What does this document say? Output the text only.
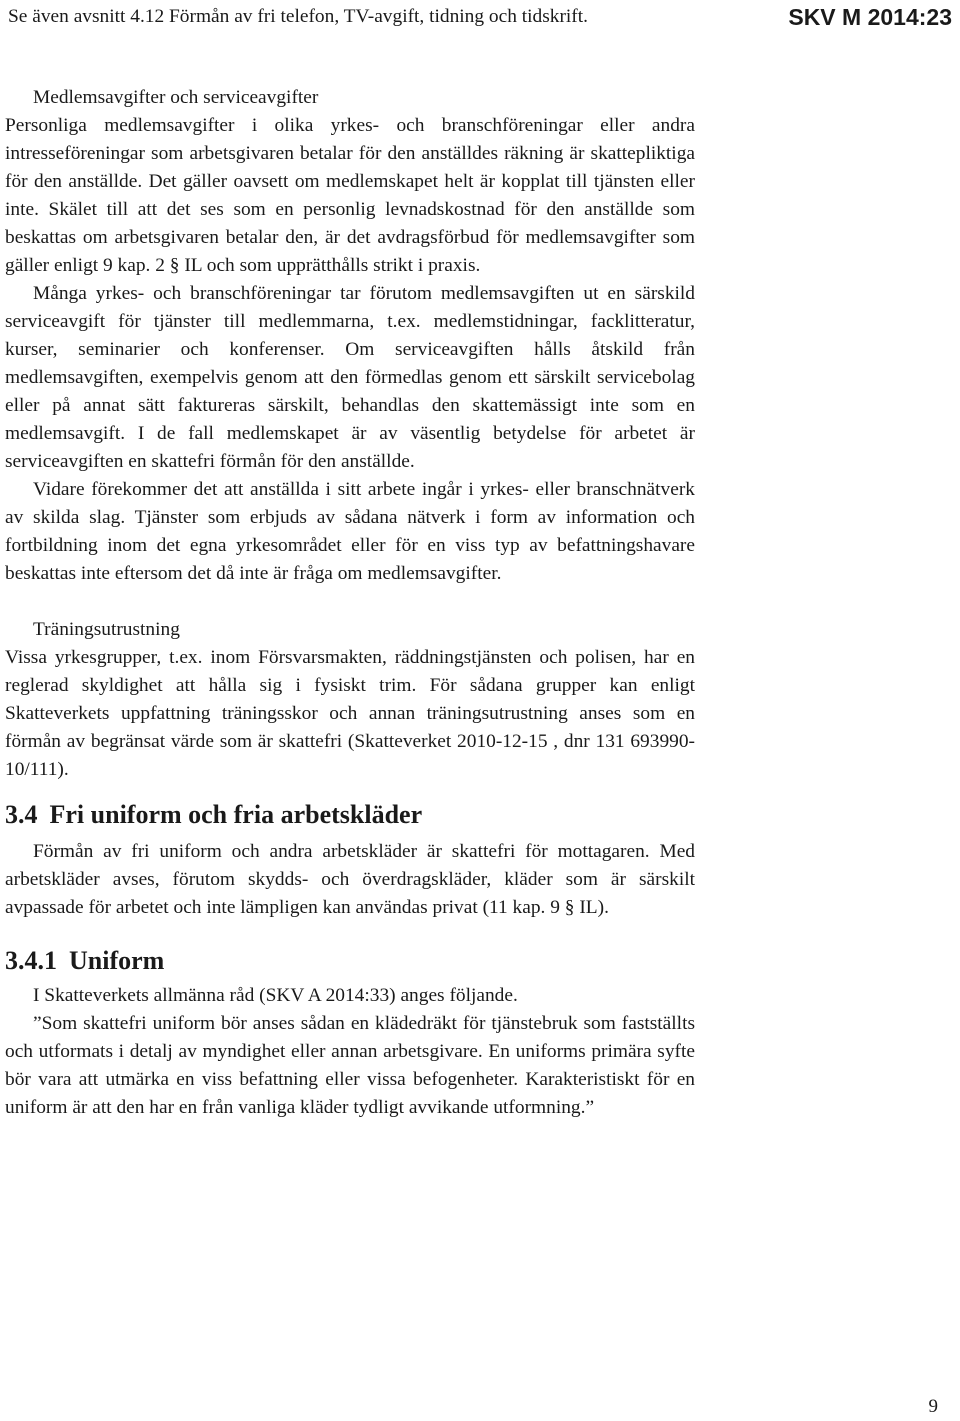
Se även avsnitt 4.12 Förmån av fri telefon, TV-avgift, tidning och tidskrift.	SKV M 2014:23

Medlemsavgifter och serviceavgifter

Personliga medlemsavgifter i olika yrkes- och branschföreningar eller andra intresseföreningar som arbetsgivaren betalar för den anställdes räkning är skattepliktiga för den anställde. Det gäller oavsett om medlemskapet helt är kopplat till tjänsten eller inte. Skälet till att det ses som en personlig levnadskostnad för den anställde som beskattas om arbetsgivaren betalar den, är det avdragsförbud för medlemsavgifter som gäller enligt 9 kap. 2 § IL och som upprätthålls strikt i praxis.

Många yrkes- och branschföreningar tar förutom medlemsavgiften ut en särskild serviceavgift för tjänster till medlemmarna, t.ex. medlemstidningar, facklitteratur, kurser, seminarier och konferenser. Om serviceavgiften hålls åtskild från medlemsavgiften, exempelvis genom att den förmedlas genom ett särskilt servicebolag eller på annat sätt faktureras särskilt, behandlas den skattemässigt inte som en medlemsavgift. I de fall medlemskapet är av väsentlig betydelse för arbetet är serviceavgiften en skattefri förmån för den anställde.

Vidare förekommer det att anställda i sitt arbete ingår i yrkes- eller branschnätverk av skilda slag. Tjänster som erbjuds av sådana nätverk i form av information och fortbildning inom det egna yrkesområdet eller för en viss typ av befattningshavare beskattas inte eftersom det då inte är fråga om medlemsavgifter.

Träningsutrustning

Vissa yrkesgrupper, t.ex. inom Försvarsmakten, räddningstjänsten och polisen, har en reglerad skyldighet att hålla sig i fysiskt trim. För sådana grupper kan enligt Skatteverkets uppfattning träningsskor och annan träningsutrustning anses som en förmån av begränsat värde som är skattefri (Skatteverket 2010-12-15 , dnr 131 693990-10/111).

3.4 Fri uniform och fria arbetskläder

Förmån av fri uniform och andra arbetskläder är skattefri för mottagaren. Med arbetskläder avses, förutom skydds- och överdragskläder, kläder som är särskilt avpassade för arbetet och inte lämpligen kan användas privat (11 kap. 9 § IL).

3.4.1 Uniform

I Skatteverkets allmänna råd (SKV A 2014:33) anges följande.

”Som skattefri uniform bör anses sådan en klädedräkt för tjänstebruk som fastställts och utformats i detalj av myndighet eller annan arbetsgivare. En uniforms primära syfte bör vara att utmärka en viss befattning eller vissa befogenheter. Karakteristiskt för en uniform är att den har en från vanliga kläder tydligt avvikande utformning.”

9
